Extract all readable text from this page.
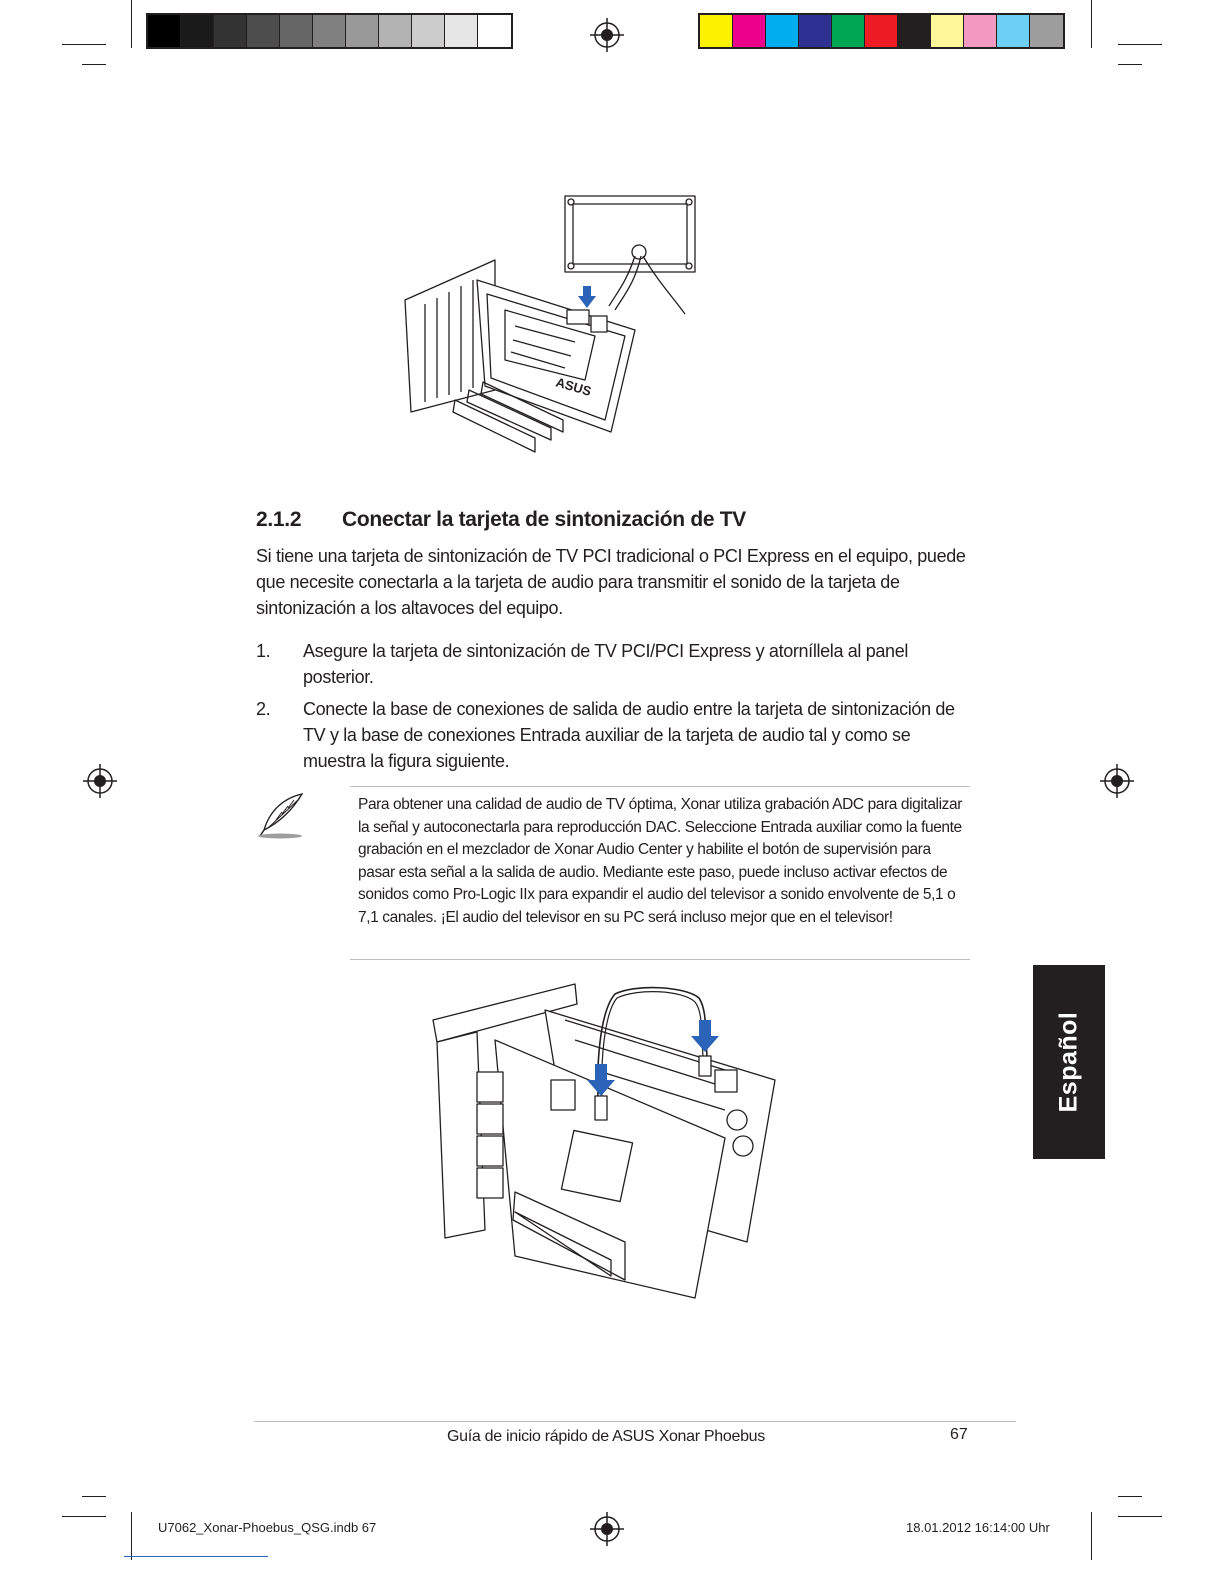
ASUS
2.1.2 Conectar la tarjeta de sintonización de TV
Si tiene una tarjeta de sintonización de TV PCI tradicional o PCI Express en el equipo, puede que necesite conectarla a la tarjeta de audio para transmitir el sonido de la tarjeta de sintonización a los altavoces del equipo.
1. Asegure la tarjeta de sintonización de TV PCI/PCI Express y atorníllela al panel posterior.
2. Conecte la base de conexiones de salida de audio entre la tarjeta de sintonización de TV y la base de conexiones Entrada auxiliar de la tarjeta de audio tal y como se muestra la figura siguiente.
Para obtener una calidad de audio de TV óptima, Xonar utiliza grabación ADC para digitalizar la señal y autoconectarla para reproducción DAC. Seleccione Entrada auxiliar como la fuente grabación en el mezclador de Xonar Audio Center y habilite el botón de supervisión para pasar esta señal a la salida de audio. Mediante este paso, puede incluso activar efectos de sonidos como Pro-Logic IIx para expandir el audio del televisor a sonido envolvente de 5,1 o 7,1 canales. ¡El audio del televisor en su PC será incluso mejor que en el televisor!
Español
Guía de inicio rápido de ASUS Xonar Phoebus	67
U7062_Xonar-Phoebus_QSG.indb 67	18.01.2012 16:14:00 Uhr
